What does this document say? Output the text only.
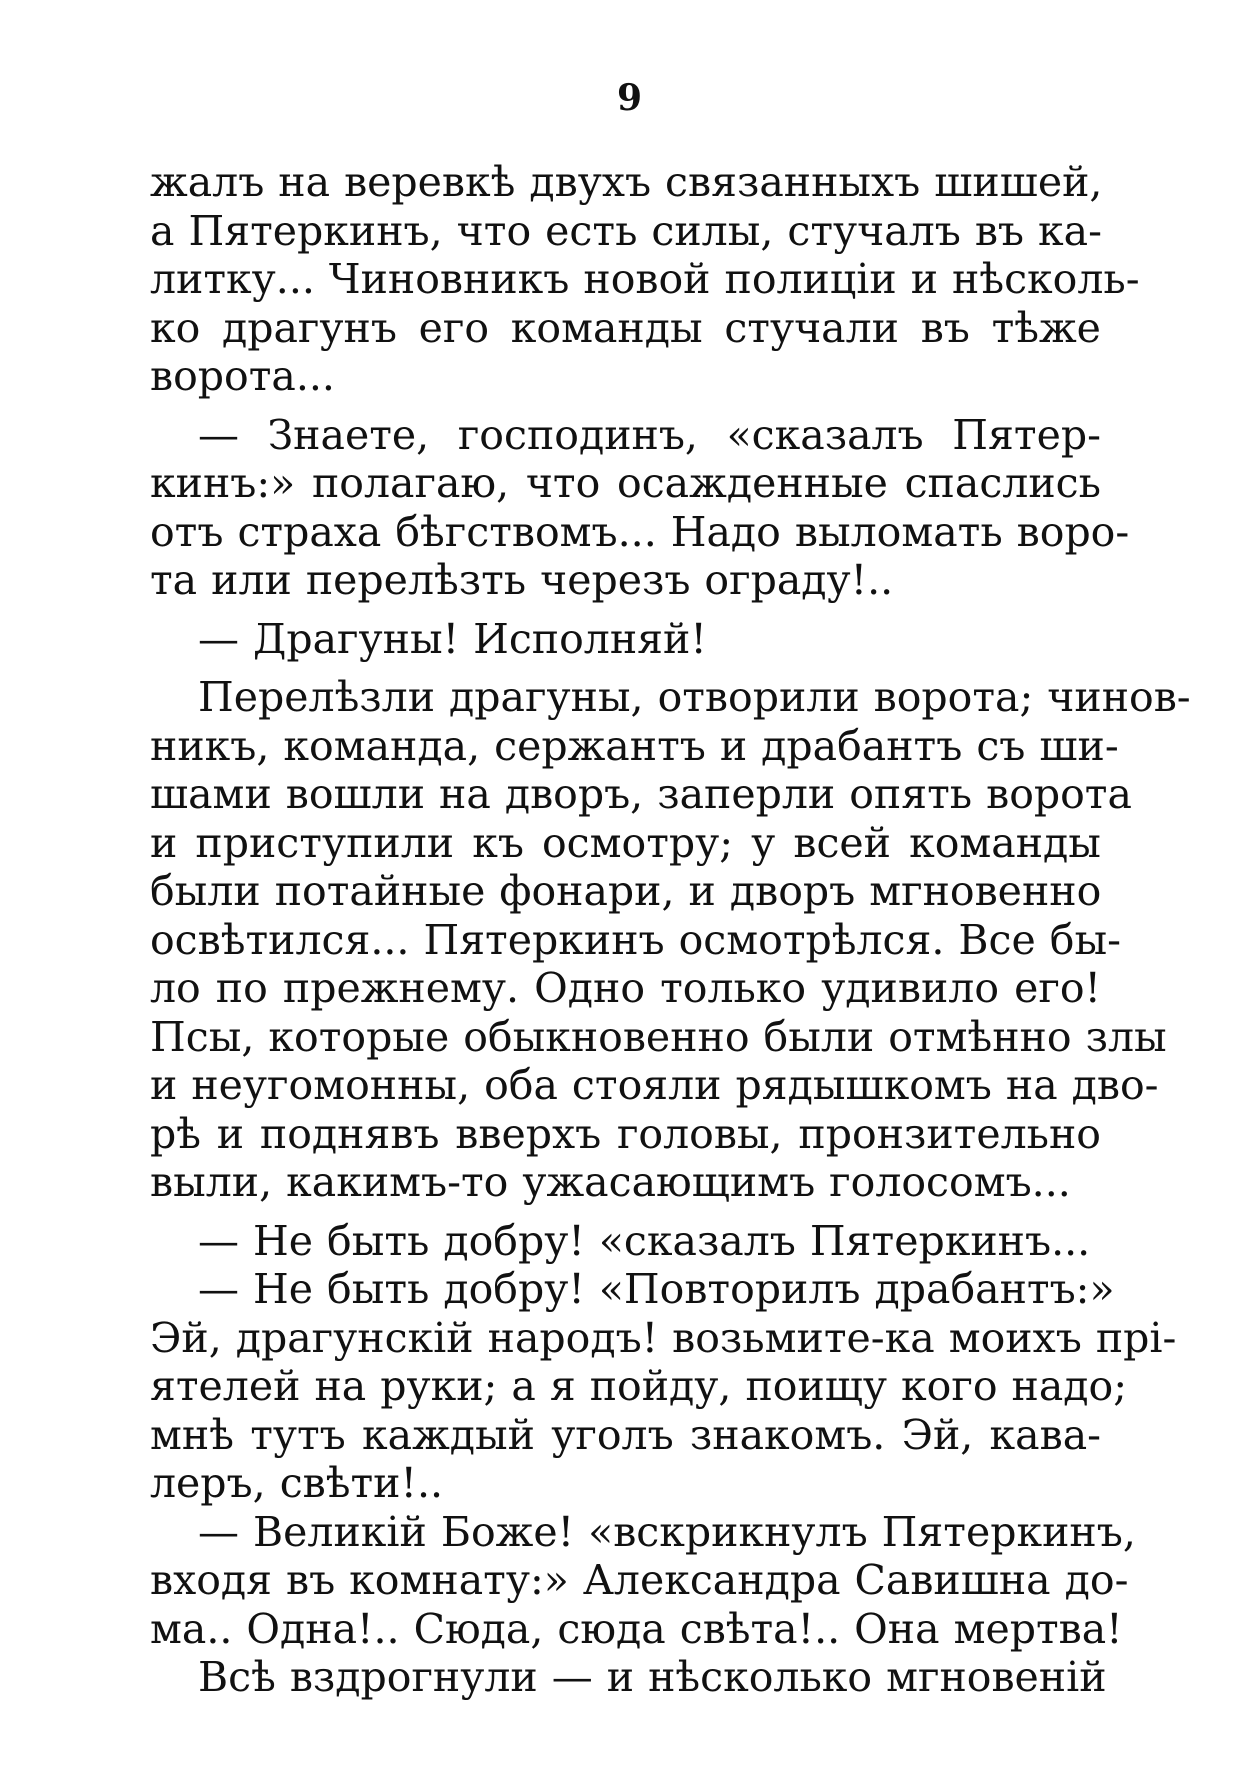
9
жалъ на веревкѣ двухъ связанныхъ шишей,
а Пятеркинъ, что есть силы, стучалъ въ ка-
литку... Чиновникъ новой полиціи и нѣсколь-
ко драгунъ его команды стучали въ тѣже
ворота...
— Знаете, господинъ, «сказалъ Пятер-
кинъ:» полагаю, что осажденные спаслись
отъ страха бѣгствомъ... Надо выломать воро-
та или перелѣзть черезъ ограду!..
— Драгуны! Исполняй!
Перелѣзли драгуны, отворили ворота; чинов-
никъ, команда, сержантъ и драбантъ съ ши-
шами вошли на дворъ, заперли опять ворота
и приступили къ осмотру; у всей команды
были потайные фонари, и дворъ мгновенно
освѣтился... Пятеркинъ осмотрѣлся. Все бы-
ло по прежнему. Одно только удивило его!
Псы, которые обыкновенно были отмѣнно злы
и неугомонны, оба стояли рядышкомъ на дво-
рѣ и поднявъ вверхъ головы, пронзительно
выли, какимъ-то ужасающимъ голосомъ...
— Не быть добру! «сказалъ Пятеркинъ...
— Не быть добру! «Повторилъ драбантъ:»
Эй, драгунскій народъ! возьмите-ка моихъ прі-
ятелей на руки; а я пойду, поищу кого надо;
мнѣ тутъ каждый уголъ знакомъ. Эй, кава-
леръ, свѣти!..
— Великій Боже! «вскрикнулъ Пятеркинъ,
входя въ комнату:» Александра Савишна до-
ма.. Одна!.. Сюда, сюда свѣта!.. Она мертва!
Всѣ вздрогнули — и нѣсколько мгновеній
